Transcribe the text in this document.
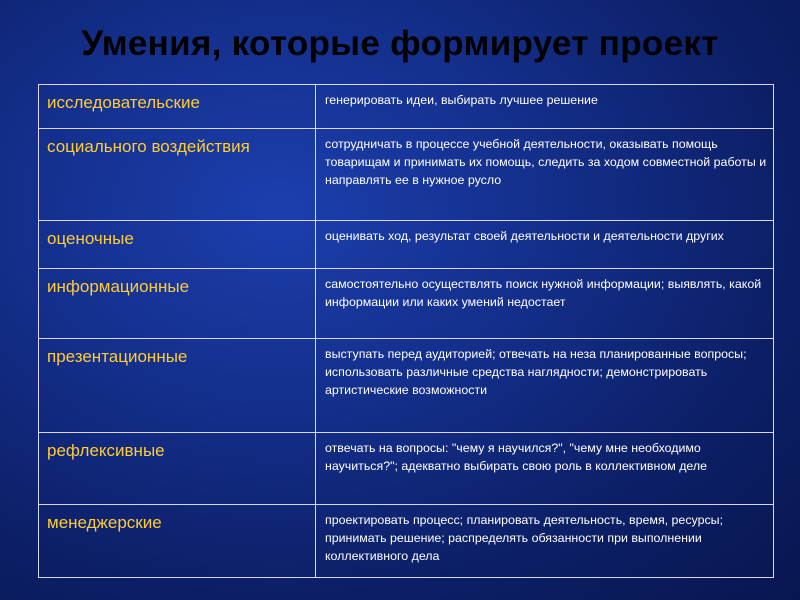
Умения, которые формирует проект
исследовательские	генерировать идеи, выбирать лучшее решение
социального воздействия	сотрудничать в процессе учебной деятельности, оказывать помощь товарищам и принимать их помощь, следить за ходом совместной работы и направлять ее в нужное русло
оценочные	оценивать ход, результат своей деятельности и деятельности других
информационные	самостоятельно осуществлять поиск нужной информации; выявлять, какой информации или каких умений недостает
презентационные	выступать перед аудиторией; отвечать на неза планированные вопросы; использовать различные средства наглядности; демонстрировать артистические возможности
рефлексивные	отвечать на вопросы: "чему я научился?", "чему мне необходимо научиться?"; адекватно выбирать свою роль в коллективном деле
менеджерские	проектировать процесс; планировать деятельность, время, ресурсы; принимать решение; распределять обязанности при выполнении коллективного дела
